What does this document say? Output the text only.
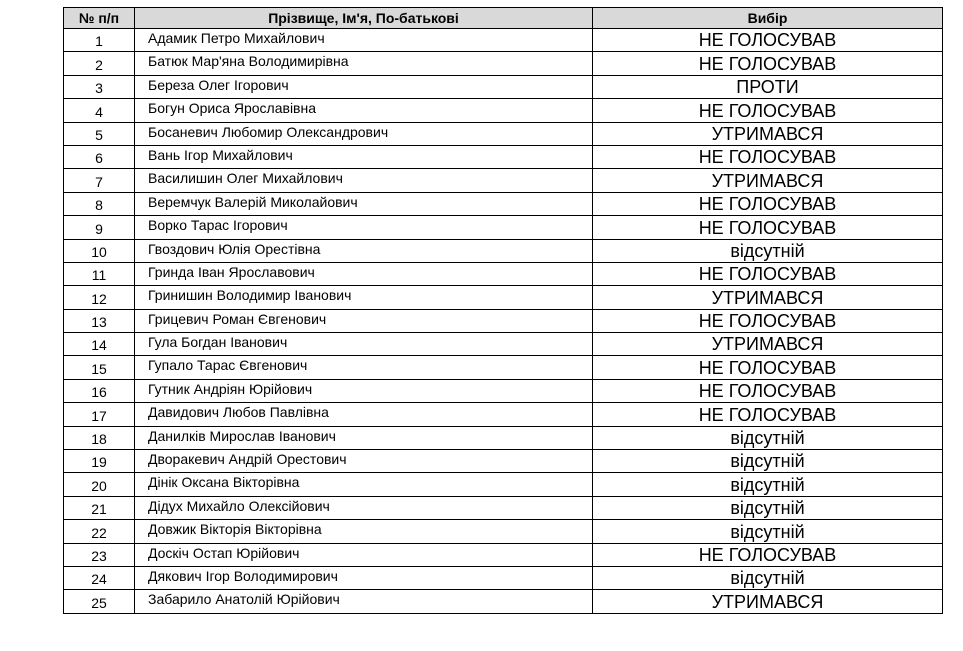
№ п/п	Прізвище, Ім'я, По-батькові	Вибір
1	Адамик Петро Михайлович	НЕ ГОЛОСУВАВ
2	Батюк Мар'яна Володимирівна	НЕ ГОЛОСУВАВ
3	Береза Олег Ігорович	ПРОТИ
4	Богун Ориса Ярославівна	НЕ ГОЛОСУВАВ
5	Босаневич Любомир Олександрович	УТРИМАВСЯ
6	Вань Ігор Михайлович	НЕ ГОЛОСУВАВ
7	Василишин Олег Михайлович	УТРИМАВСЯ
8	Веремчук Валерій Миколайович	НЕ ГОЛОСУВАВ
9	Ворко Тарас Ігорович	НЕ ГОЛОСУВАВ
10	Гвоздович Юлія Орестівна	відсутній
11	Гринда Іван Ярославович	НЕ ГОЛОСУВАВ
12	Гринишин Володимир Іванович	УТРИМАВСЯ
13	Грицевич Роман Євгенович	НЕ ГОЛОСУВАВ
14	Гула Богдан Іванович	УТРИМАВСЯ
15	Гупало Тарас Євгенович	НЕ ГОЛОСУВАВ
16	Гутник Андріян Юрійович	НЕ ГОЛОСУВАВ
17	Давидович Любов Павлівна	НЕ ГОЛОСУВАВ
18	Данилків Мирослав Іванович	відсутній
19	Дворакевич Андрій Орестович	відсутній
20	Дінік Оксана Вікторівна	відсутній
21	Дідух Михайло Олексійович	відсутній
22	Довжик Вікторія Вікторівна	відсутній
23	Доскіч Остап Юрійович	НЕ ГОЛОСУВАВ
24	Дякович Ігор Володимирович	відсутній
25	Забарило Анатолій Юрійович	УТРИМАВСЯ
